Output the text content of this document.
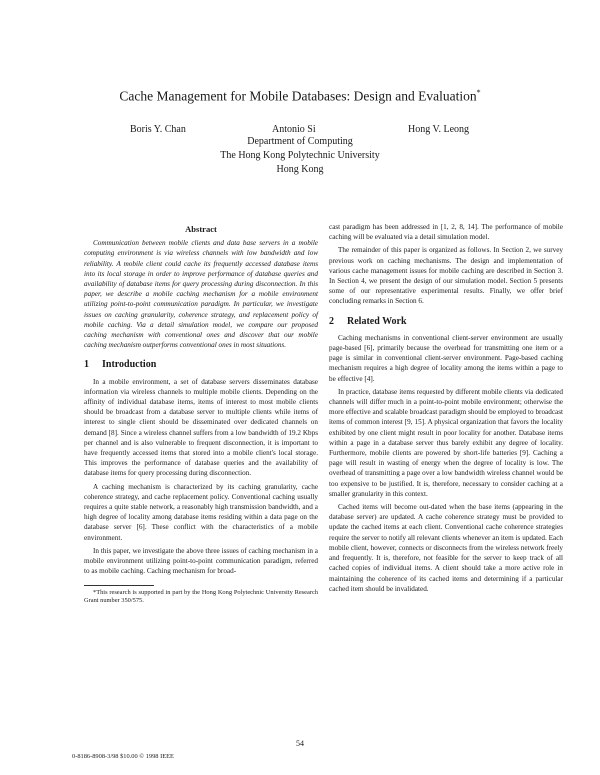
Cache Management for Mobile Databases: Design and Evaluation*
Boris Y. Chan	Antonio Si	Hong V. Leong
Department of Computing
The Hong Kong Polytechnic University
Hong Kong
Abstract

Communication between mobile clients and data base servers in a mobile computing environment is via wireless channels with low bandwidth and low reliability. A mobile client could cache its frequently accessed database items into its local storage in order to improve performance of database queries and availability of database items for query processing during disconnection. In this paper, we describe a mobile caching mechanism for a mobile environment utilizing point-to-point communication paradigm. In particular, we investigate issues on caching granularity, coherence strategy, and replacement policy of mobile caching. Via a detail simulation model, we compare our proposed caching mechanism with conventional ones and discover that our mobile caching mechanism outperforms conventional ones in most situations.

1 Introduction

In a mobile environment, a set of database servers disseminates database information via wireless channels to multiple mobile clients. Depending on the affinity of individual database items, items of interest to most mobile clients should be broadcast from a database server to multiple clients while items of interest to single client should be disseminated over dedicated channels on demand [8]. Since a wireless channel suffers from a low bandwidth of 19.2 Kbps per channel and is also vulnerable to frequent disconnection, it is important to have frequently accessed items that stored into a mobile client's local storage. This improves the performance of database queries and the availability of database items for query processing during disconnection.

A caching mechanism is characterized by its caching granularity, cache coherence strategy, and cache replacement policy. Conventional caching usually requires a quite stable network, a reasonably high transmission bandwidth, and a high degree of locality among database items residing within a data page on the database server [6]. These conflict with the characteristics of a mobile environment.

In this paper, we investigate the above three issues of caching mechanism in a mobile environment utilizing point-to-point communication paradigm, referred to as mobile caching. Caching mechanism for broad-

*This research is supported in part by the Hong Kong Polytechnic University Research Grant number 350/575.

cast paradigm has been addressed in [1, 2, 8, 14]. The performance of mobile caching will be evaluated via a detail simulation model.

The remainder of this paper is organized as follows. In Section 2, we survey previous work on caching mechanisms. The design and implementation of various cache management issues for mobile caching are described in Section 3. In Section 4, we present the design of our simulation model. Section 5 presents some of our representative experimental results. Finally, we offer brief concluding remarks in Section 6.

2 Related Work

Caching mechanisms in conventional client-server environment are usually page-based [6], primarily because the overhead for transmitting one item or a page is similar in conventional client-server environment. Page-based caching mechanism requires a high degree of locality among the items within a page to be effective [4].

In practice, database items requested by different mobile clients via dedicated channels will differ much in a point-to-point mobile environment; otherwise the more effective and scalable broadcast paradigm should be employed to broadcast items of common interest [9, 15]. A physical organization that favors the locality exhibited by one client might result in poor locality for another. Database items within a page in a database server thus barely exhibit any degree of locality. Furthermore, mobile clients are powered by short-life batteries [9]. Caching a page will result in wasting of energy when the degree of locality is low. The overhead of transmitting a page over a low bandwidth wireless channel would be too expensive to be justified. It is, therefore, necessary to consider caching at a smaller granularity in this context.

Cached items will become out-dated when the base items (appearing in the database server) are updated. A cache coherence strategy must be provided to update the cached items at each client. Conventional cache coherence strategies require the server to notify all relevant clients whenever an item is updated. Each mobile client, however, connects or disconnects from the wireless network freely and frequently. It is, therefore, not feasible for the server to keep track of all cached copies of individual items. A client should take a more active role in maintaining the coherence of its cached items and determining if a particular cached item should be invalidated.

54
0-8186-8908-3/98 $10.00 © 1998 IEEE
